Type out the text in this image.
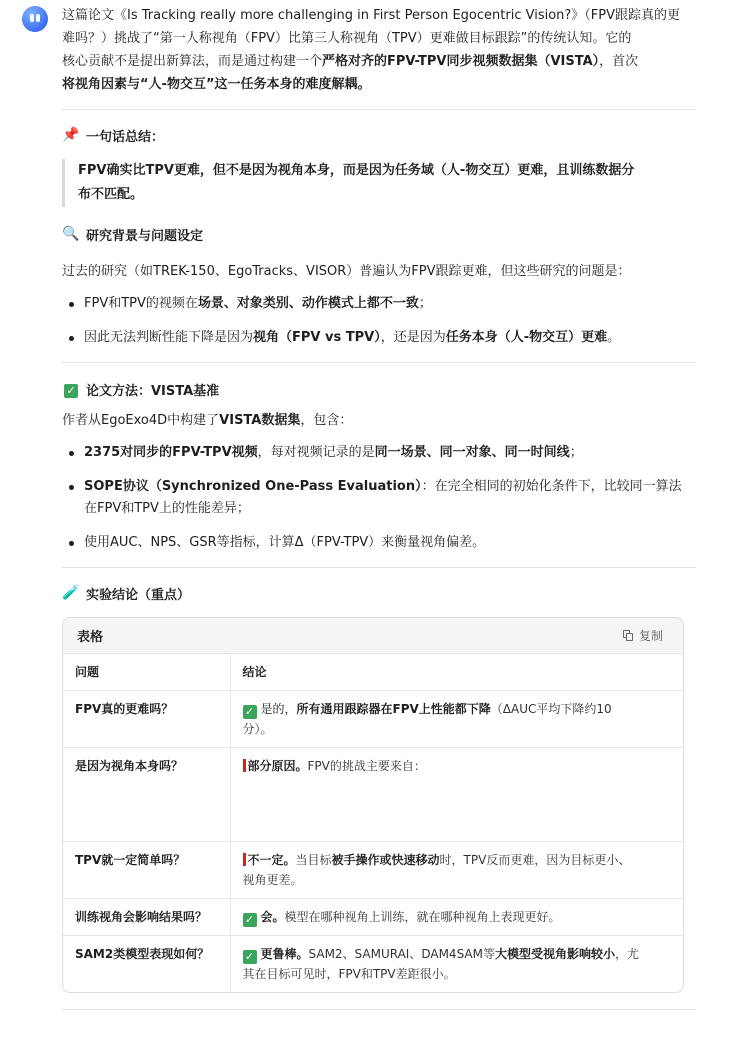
这篇论文《Is Tracking really more challenging in First Person Egocentric Vision?》（FPV跟踪真的更
难吗？）挑战了“第一人称视角（FPV）比第三人称视角（TPV）更难做目标跟踪”的传统认知。它的
核心贡献不是提出新算法，而是通过构建一个严格对齐的FPV-TPV同步视频数据集（VISTA），首次
将视角因素与“人-物交互”这一任务本身的难度解耦。
📌 一句话总结：
FPV确实比TPV更难，但不是因为视角本身，而是因为任务域（人-物交互）更难，且训练数据分
布不匹配。
🔍 研究背景与问题设定
过去的研究（如TREK-150、EgoTracks、VISOR）普遍认为FPV跟踪更难，但这些研究的问题是：
FPV和TPV的视频在场景、对象类别、动作模式上都不一致；
因此无法判断性能下降是因为视角（FPV vs TPV），还是因为任务本身（人-物交互）更难。
✓ 论文方法：VISTA基准
作者从EgoExo4D中构建了VISTA数据集，包含：
2375对同步的FPV-TPV视频，每对视频记录的是同一场景、同一对象、同一时间线；
SOPE协议（Synchronized One-Pass Evaluation）：在完全相同的初始化条件下，比较同一算法
在FPV和TPV上的性能差异；
使用AUC、NPS、GSR等指标，计算Δ（FPV-TPV）来衡量视角偏差。
🧪 实验结论（重点）
表格	复制
问题	结论
FPV真的更难吗？	✓ 是的，所有通用跟踪器在FPV上性能都下降（ΔAUC平均下降约10
分）。
是因为视角本身吗？	部分原因。FPV的挑战主要来自：
TPV就一定简单吗？	不一定。当目标被手操作或快速移动时，TPV反而更难，因为目标更小、
视角更差。
训练视角会影响结果吗？	✓ 会。模型在哪种视角上训练，就在哪种视角上表现更好。
SAM2类模型表现如何？	✓ 更鲁棒。SAM2、SAMURAI、DAM4SAM等大模型受视角影响较小，尤
其在目标可见时，FPV和TPV差距很小。
